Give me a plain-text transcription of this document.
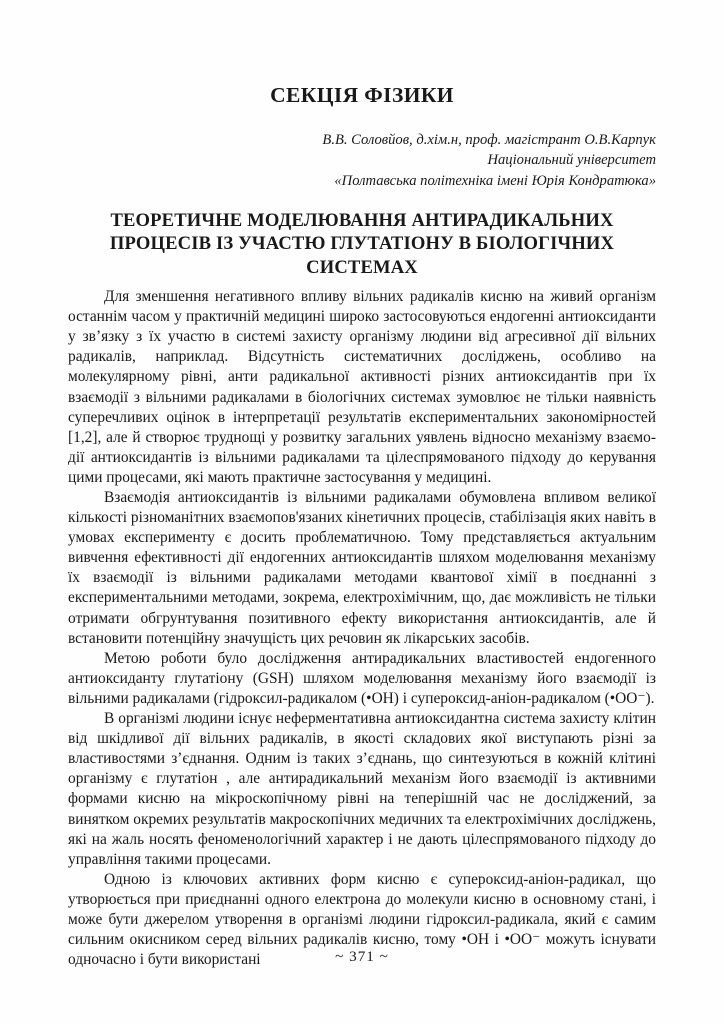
СЕКЦІЯ ФІЗИКИ
В.В. Соловйов, д.хім.н, проф. магістрант О.В.Карпук
Національний університет
«Полтавська політехніка імені Юрія Кондратюка»
ТЕОРЕТИЧНЕ МОДЕЛЮВАННЯ АНТИРАДИКАЛЬНИХ ПРОЦЕСІВ ІЗ УЧАСТЮ ГЛУТАТІОНУ В БІОЛОГІЧНИХ СИСТЕМАХ

Для зменшення негативного впливу вільних радикалів кисню на живий організм останнім часом у практичній медицині широко застосовуються ендогенні антиоксиданти у зв’язку з їх участю в системі захисту організму людини від агресивної дії вільних радикалів, наприклад. Відсутність систематичних досліджень, особливо на молекулярному рівні, анти радикальної активності різних антиоксидантів при їх взаємодії з вільними радикалами в біологічних системах зумовлює не тільки наявність суперечливих оцінок в інтерпретації результатів експериментальних закономірностей [1,2], але й створює труднощі у розвитку загальних уявлень відносно механізму взаємодії антиоксидантів із вільними радикалами та цілеспрямованого підходу до керування цими процесами, які мають практичне застосування у медицині.

Взаємодія антиоксидантів із вільними радикалами обумовлена впливом великої кількості різноманітних взаємопов'язаних кінетичних процесів, стабілізація яких навіть в умовах експерименту є досить проблематичною. Тому представляється актуальним вивчення ефективності дії ендогенних антиоксидантів шляхом моделювання механізму їх взаємодії із вільними радикалами методами квантової хімії в поєднанні з експериментальними методами, зокрема, електрохімічним, що, дає можливість не тільки отримати обгрунтування позитивного ефекту використання антиоксидантів, але й встановити потенційну значущість цих речовин як лікарських засобів.

Метою роботи було дослідження антирадикальних властивостей ендогенного антиоксиданту глутатіону (GSH) шляхом моделювання механізму його взаємодії із вільними радикалами (гідроксил-радикалом (•ОН) і супероксид-аніон-радикалом (•ОО⁻).

В організмі людини існує неферментативна антиоксидантна система захисту клітин від шкідливої дії вільних радикалів, в якості складових якої виступають різні за властивостями з’єднання. Одним із таких з’єднань, що синтезуються в кожній клітині організму є глутатіон , але антирадикальний механізм його взаємодії із активними формами кисню на мікроскопічному рівні на теперішній час не досліджений, за винятком окремих результатів макроскопічних медичних та електрохімічних досліджень, які на жаль носять феноменологічний характер і не дають цілеспрямованого підходу до управління такими процесами.

Одною із ключових активних форм кисню є супероксид-аніон-радикал, що утворюється при приєднанні одного електрона до молекули кисню в основному стані, і може бути джерелом утворення в організмі людини гідроксил-радикала, який є самим сильним окисником серед вільних радикалів кисню, тому •ОН і •ОО⁻ можуть існувати одночасно і бути використані	~ 371 ~
